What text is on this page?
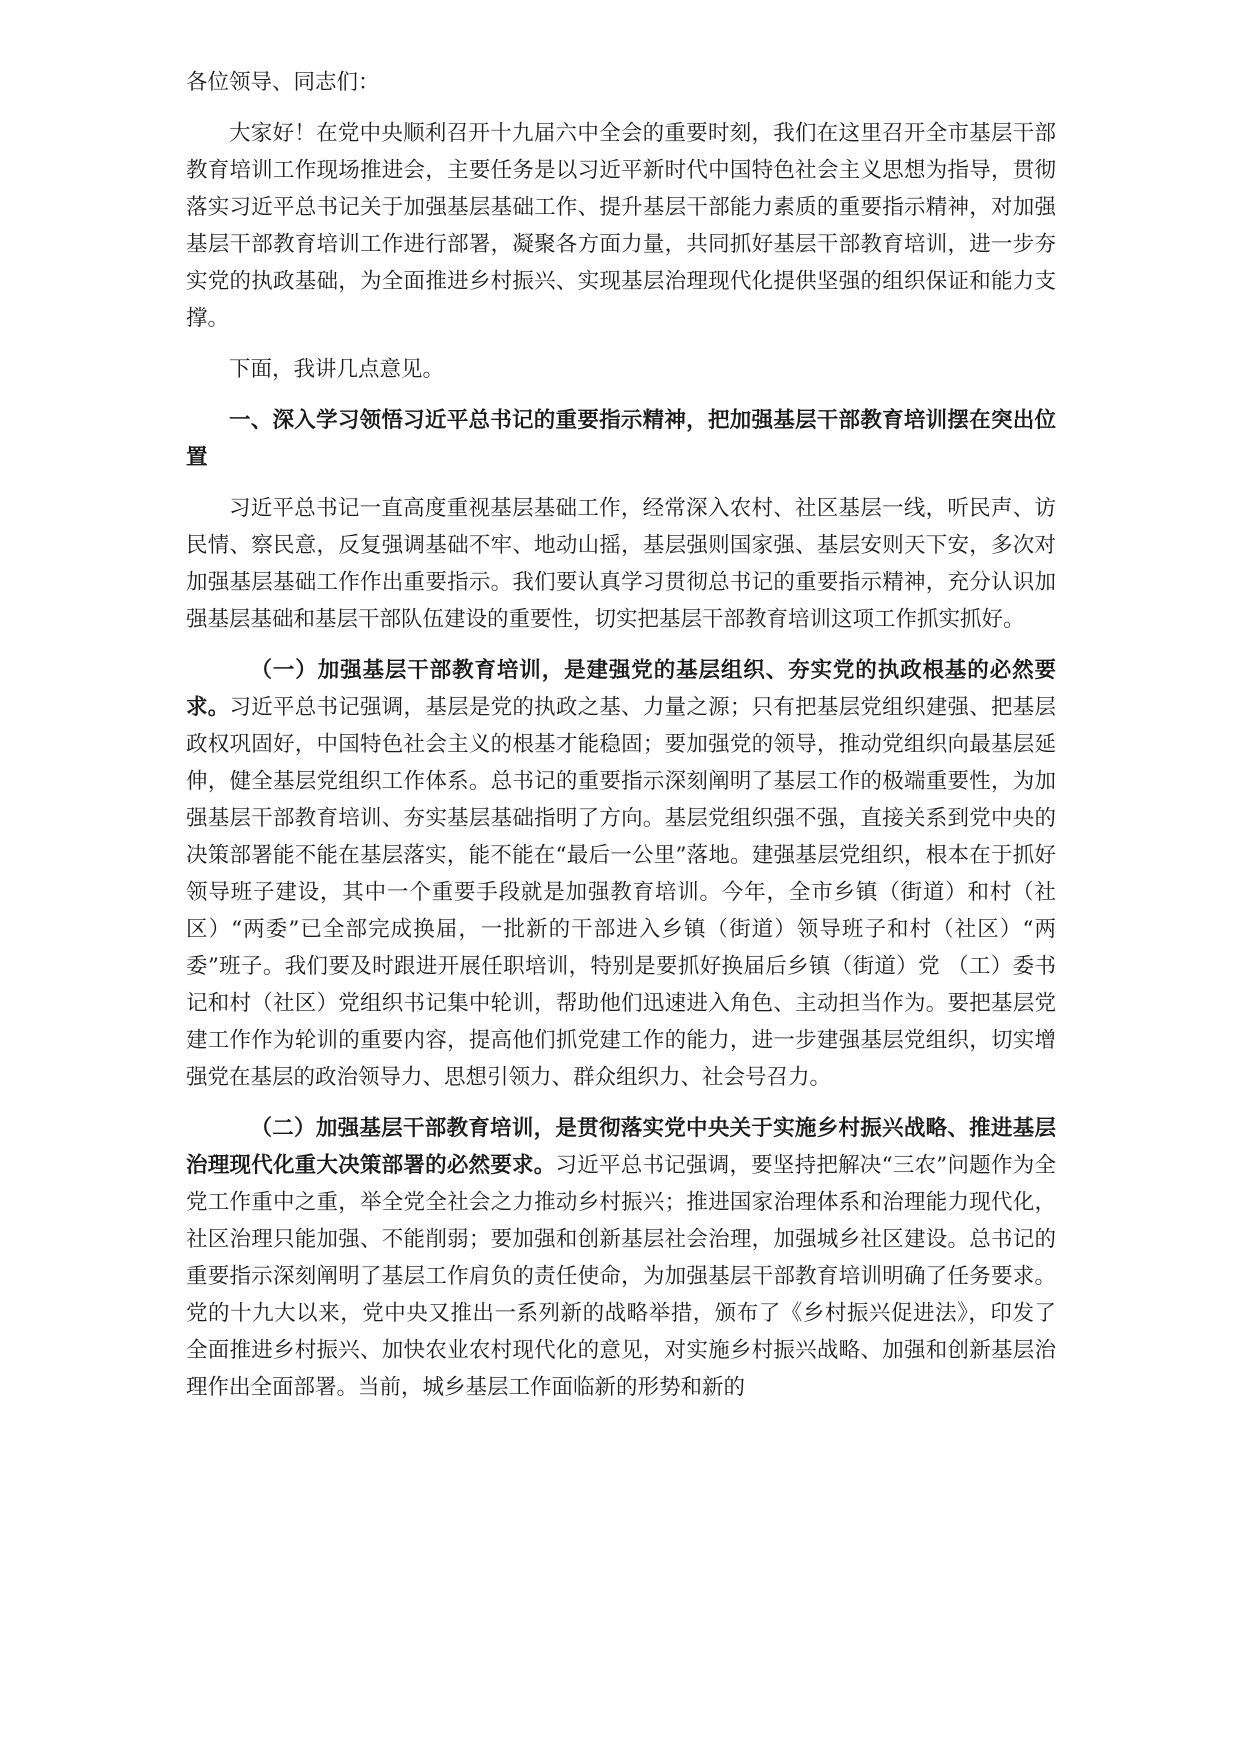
各位领导、同志们：

大家好！在党中央顺利召开十九届六中全会的重要时刻，我们在这里召开全市基层干部教育培训工作现场推进会，主要任务是以习近平新时代中国特色社会主义思想为指导，贯彻落实习近平总书记关于加强基层基础工作、提升基层干部能力素质的重要指示精神，对加强基层干部教育培训工作进行部署，凝聚各方面力量，共同抓好基层干部教育培训，进一步夯实党的执政基础，为全面推进乡村振兴、实现基层治理现代化提供坚强的组织保证和能力支撑。

下面，我讲几点意见。

一、深入学习领悟习近平总书记的重要指示精神，把加强基层干部教育培训摆在突出位置

习近平总书记一直高度重视基层基础工作，经常深入农村、社区基层一线，听民声、访民情、察民意，反复强调基础不牢、地动山摇，基层强则国家强、基层安则天下安，多次对加强基层基础工作作出重要指示。我们要认真学习贯彻总书记的重要指示精神，充分认识加强基层基础和基层干部队伍建设的重要性，切实把基层干部教育培训这项工作抓实抓好。

（一）加强基层干部教育培训，是建强党的基层组织、夯实党的执政根基的必然要求。习近平总书记强调，基层是党的执政之基、力量之源；只有把基层党组织建强、把基层政权巩固好，中国特色社会主义的根基才能稳固；要加强党的领导，推动党组织向最基层延伸，健全基层党组织工作体系。总书记的重要指示深刻阐明了基层工作的极端重要性，为加强基层干部教育培训、夯实基层基础指明了方向。基层党组织强不强，直接关系到党中央的决策部署能不能在基层落实，能不能在“最后一公里”落地。建强基层党组织，根本在于抓好领导班子建设，其中一个重要手段就是加强教育培训。今年，全市乡镇（街道）和村（社区）“两委”已全部完成换届，一批新的干部进入乡镇（街道）领导班子和村（社区）“两委”班子。我们要及时跟进开展任职培训，特别是要抓好换届后乡镇（街道）党 （工）委书记和村（社区）党组织书记集中轮训，帮助他们迅速进入角色、主动担当作为。要把基层党建工作作为轮训的重要内容，提高他们抓党建工作的能力，进一步建强基层党组织，切实增强党在基层的政治领导力、思想引领力、群众组织力、社会号召力。

（二）加强基层干部教育培训，是贯彻落实党中央关于实施乡村振兴战略、推进基层治理现代化重大决策部署的必然要求。习近平总书记强调，要坚持把解决“三农”问题作为全党工作重中之重，举全党全社会之力推动乡村振兴；推进国家治理体系和治理能力现代化，社区治理只能加强、不能削弱；要加强和创新基层社会治理，加强城乡社区建设。总书记的重要指示深刻阐明了基层工作肩负的责任使命，为加强基层干部教育培训明确了任务要求。党的十九大以来，党中央又推出一系列新的战略举措，颁布了《乡村振兴促进法》，印发了全面推进乡村振兴、加快农业农村现代化的意见，对实施乡村振兴战略、加强和创新基层治理作出全面部署。当前，城乡基层工作面临新的形势和新的
